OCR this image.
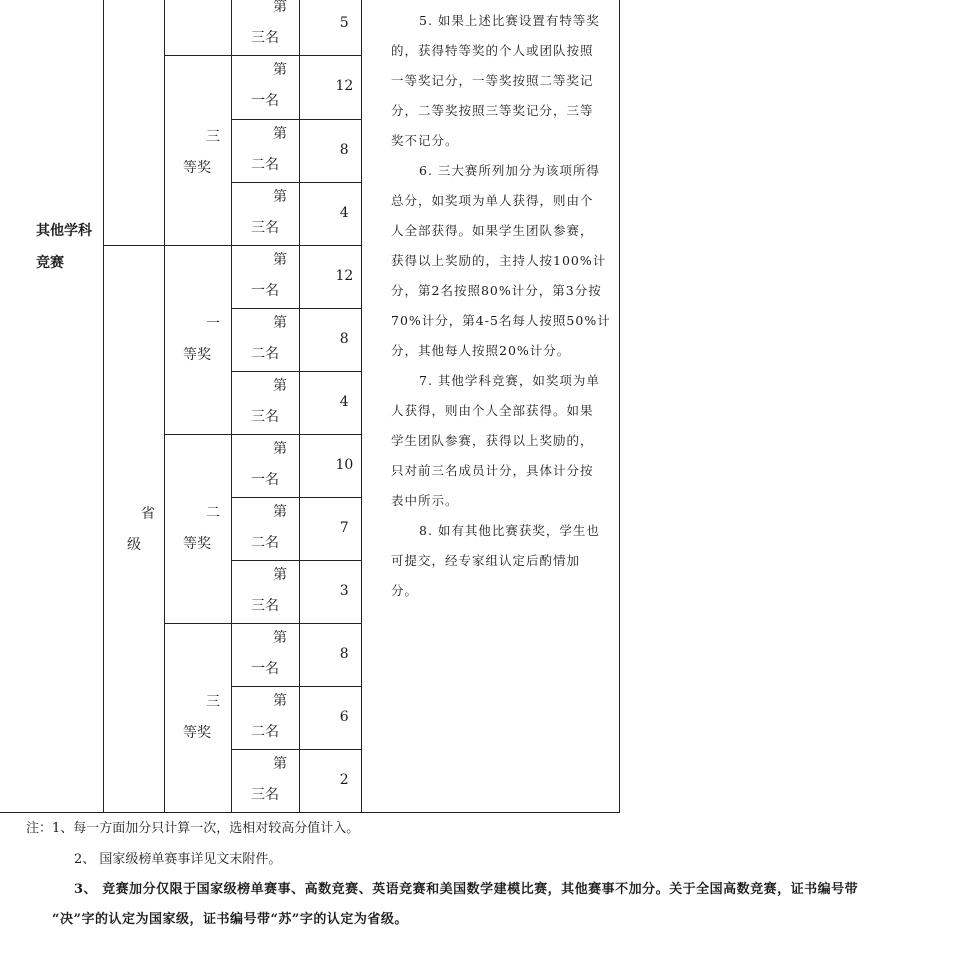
其他学科
竞赛
省
级
第
三名
5
第
一名
12
第
二名
8
第
三名
4
三
等奖
第
一名
12
第
二名
8
第
三名
4
一
等奖
第
一名
10
第
二名
7
第
三名
3
二
等奖
第
一名
8
第
二名
6
第
三名
2
三
等奖

5. 如果上述比赛设置有特等奖

的，获得特等奖的个人或团队按照

一等奖记分，一等奖按照二等奖记

分，二等奖按照三等奖记分，三等

奖不记分。

6. 三大赛所列加分为该项所得

总分，如奖项为单人获得，则由个

人全部获得。如果学生团队参赛，

获得以上奖励的，主持人按100%计

分，第2名按照80%计分，第3分按

70%计分，第4-5名每人按照50%计

分，其他每人按照20%计分。

7. 其他学科竞赛，如奖项为单

人获得，则由个人全部获得。如果

学生团队参赛，获得以上奖励的，

只对前三名成员计分，具体计分按

表中所示。

8. 如有其他比赛获奖，学生也

可提交，经专家组认定后酌情加

分。

注：1、每一方面加分只计算一次，选相对较高分值计入。
2、 国家级榜单赛事详见文末附件。
3、 竞赛加分仅限于国家级榜单赛事、高数竞赛、英语竞赛和美国数学建模比赛，其他赛事不加分。关于全国高数竞赛，证书编号带
“决”字的认定为国家级，证书编号带“苏”字的认定为省级。
